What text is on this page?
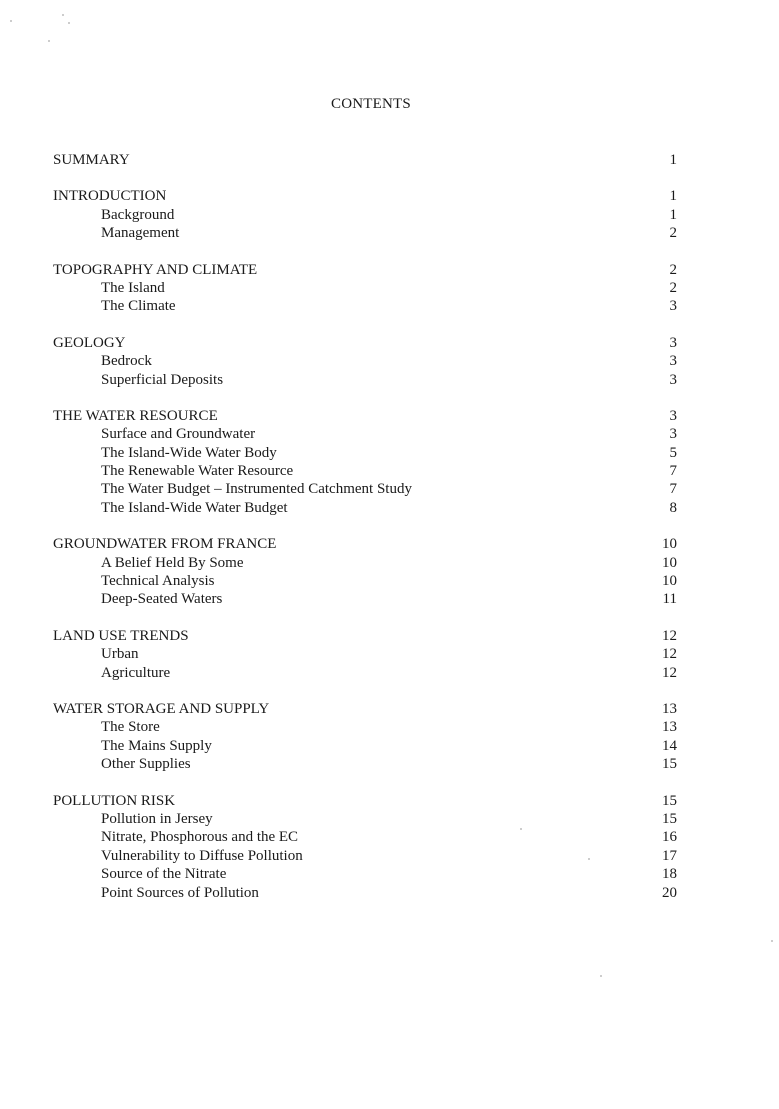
CONTENTS
SUMMARY	1
INTRODUCTION	1
Background	1
Management	2
TOPOGRAPHY AND CLIMATE	2
The Island	2
The Climate	3
GEOLOGY	3
Bedrock	3
Superficial Deposits	3
THE WATER RESOURCE	3
Surface and Groundwater	3
The Island-Wide Water Body	5
The Renewable Water Resource	7
The Water Budget – Instrumented Catchment Study	7
The Island-Wide Water Budget	8
GROUNDWATER FROM FRANCE	10
A Belief Held By Some	10
Technical Analysis	10
Deep-Seated Waters	11
LAND USE TRENDS	12
Urban	12
Agriculture	12
WATER STORAGE AND SUPPLY	13
The Store	13
The Mains Supply	14
Other Supplies	15
POLLUTION RISK	15
Pollution in Jersey	15
Nitrate, Phosphorous and the EC	16
Vulnerability to Diffuse Pollution	17
Source of the Nitrate	18
Point Sources of Pollution	20
